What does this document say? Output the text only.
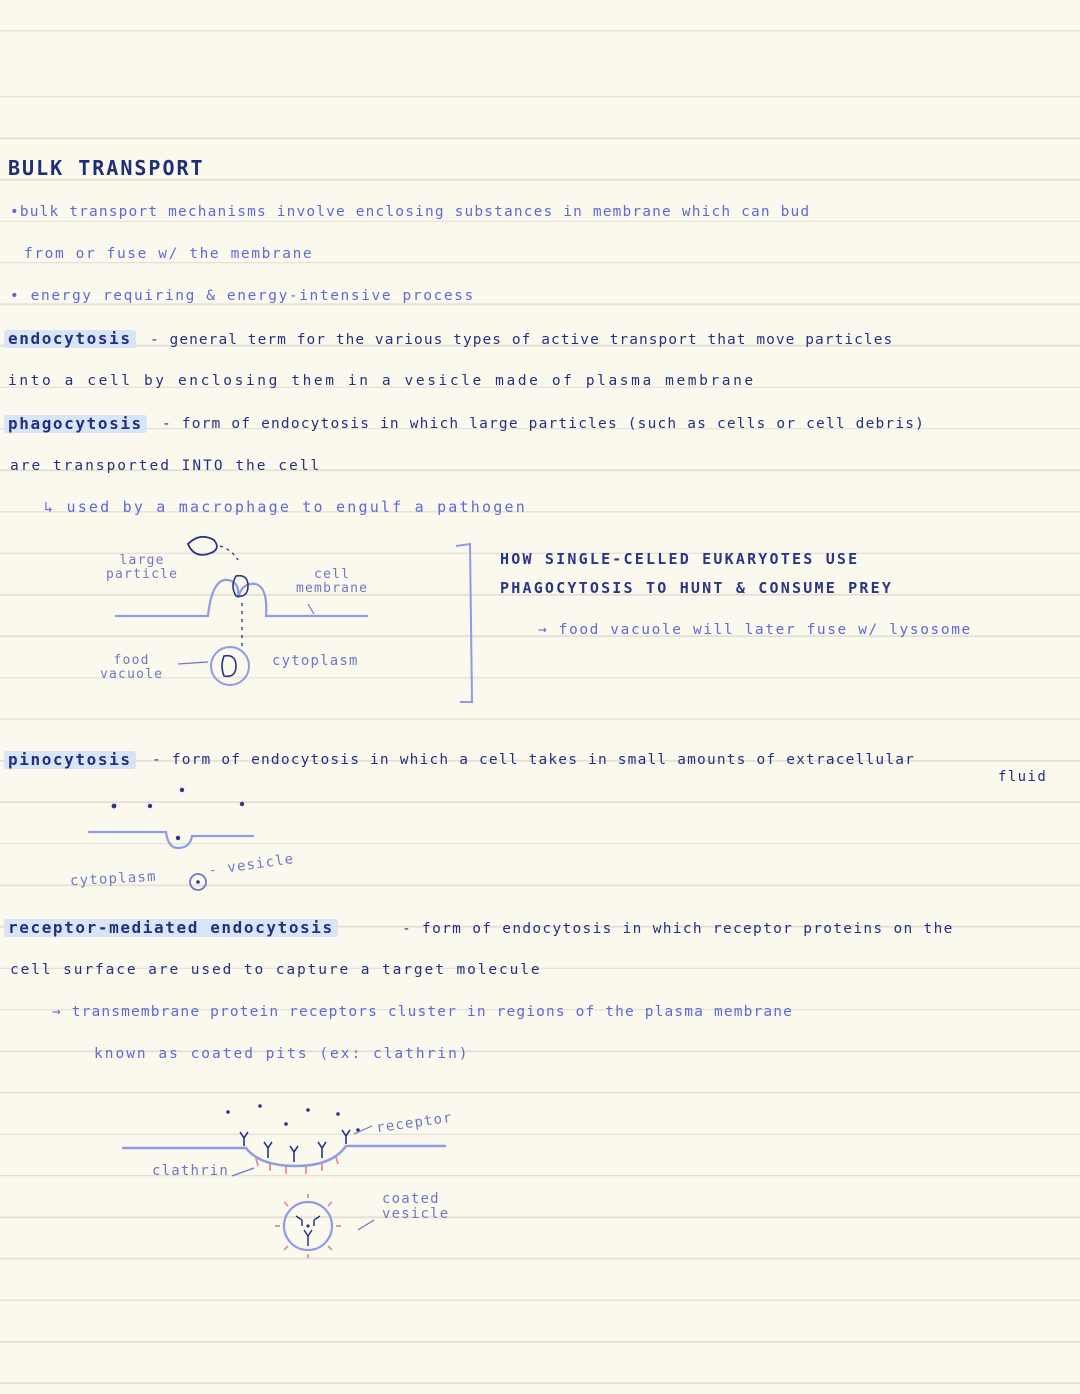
BULK TRANSPORT
•bulk transport mechanisms involve enclosing substances in membrane which can bud
from or fuse w/ the membrane
• energy requiring & energy-intensive process
endocytosis - general term for the various types of active transport that move particles
into a cell by enclosing them in a vesicle made of plasma membrane
phagocytosis - form of endocytosis in which large particles (such as cells or cell debris)
are transported INTO the cell
↳ used by a macrophage to engulf a pathogen
large
particle	cell
membrane
food
vacuole
cytoplasm
HOW SINGLE-CELLED EUKARYOTES USE
PHAGOCYTOSIS TO HUNT & CONSUME PREY
→ food vacuole will later fuse w/ lysosome
pinocytosis - form of endocytosis in which a cell takes in small amounts of extracellular
fluid
cytoplasm	- vesicle
receptor-mediated endocytosis	- form of endocytosis in which receptor proteins on the
cell surface are used to capture a target molecule
→ transmembrane protein receptors cluster in regions of the plasma membrane
known as coated pits (ex: clathrin)
receptor
clathrin
coated
vesicle
